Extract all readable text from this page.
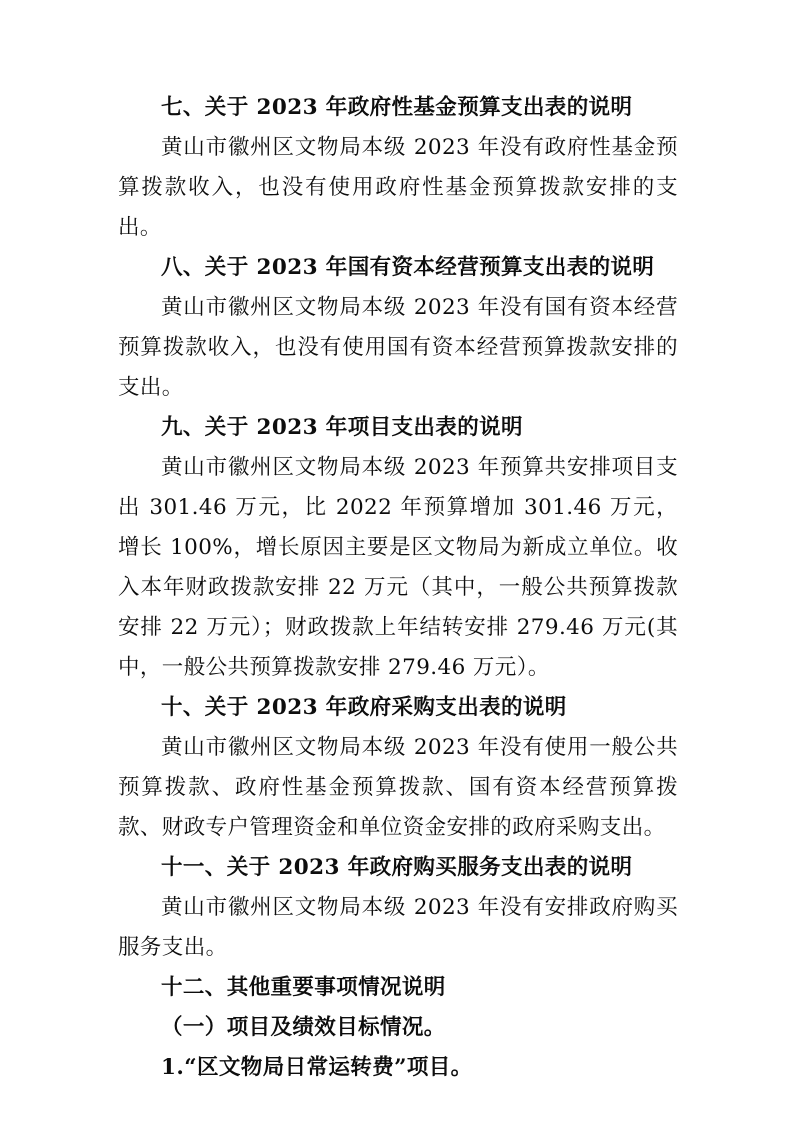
七、关于 2023 年政府性基金预算支出表的说明

黄山市徽州区文物局本级 2023 年没有政府性基金预算拨款收入，也没有使用政府性基金预算拨款安排的支出。

八、关于 2023 年国有资本经营预算支出表的说明

黄山市徽州区文物局本级 2023 年没有国有资本经营预算拨款收入，也没有使用国有资本经营预算拨款安排的支出。

九、关于 2023 年项目支出表的说明

黄山市徽州区文物局本级 2023 年预算共安排项目支出 301.46 万元，比 2022 年预算增加 301.46 万元，增长 100%，增长原因主要是区文物局为新成立单位。收入本年财政拨款安排 22 万元（其中，一般公共预算拨款安排 22 万元）；财政拨款上年结转安排 279.46 万元(其中，一般公共预算拨款安排 279.46 万元）。

十、关于 2023 年政府采购支出表的说明

黄山市徽州区文物局本级 2023 年没有使用一般公共预算拨款、政府性基金预算拨款、国有资本经营预算拨款、财政专户管理资金和单位资金安排的政府采购支出。

十一、关于 2023 年政府购买服务支出表的说明

黄山市徽州区文物局本级 2023 年没有安排政府购买服务支出。

十二、其他重要事项情况说明

（一）项目及绩效目标情况。

1.“区文物局日常运转费”项目。
